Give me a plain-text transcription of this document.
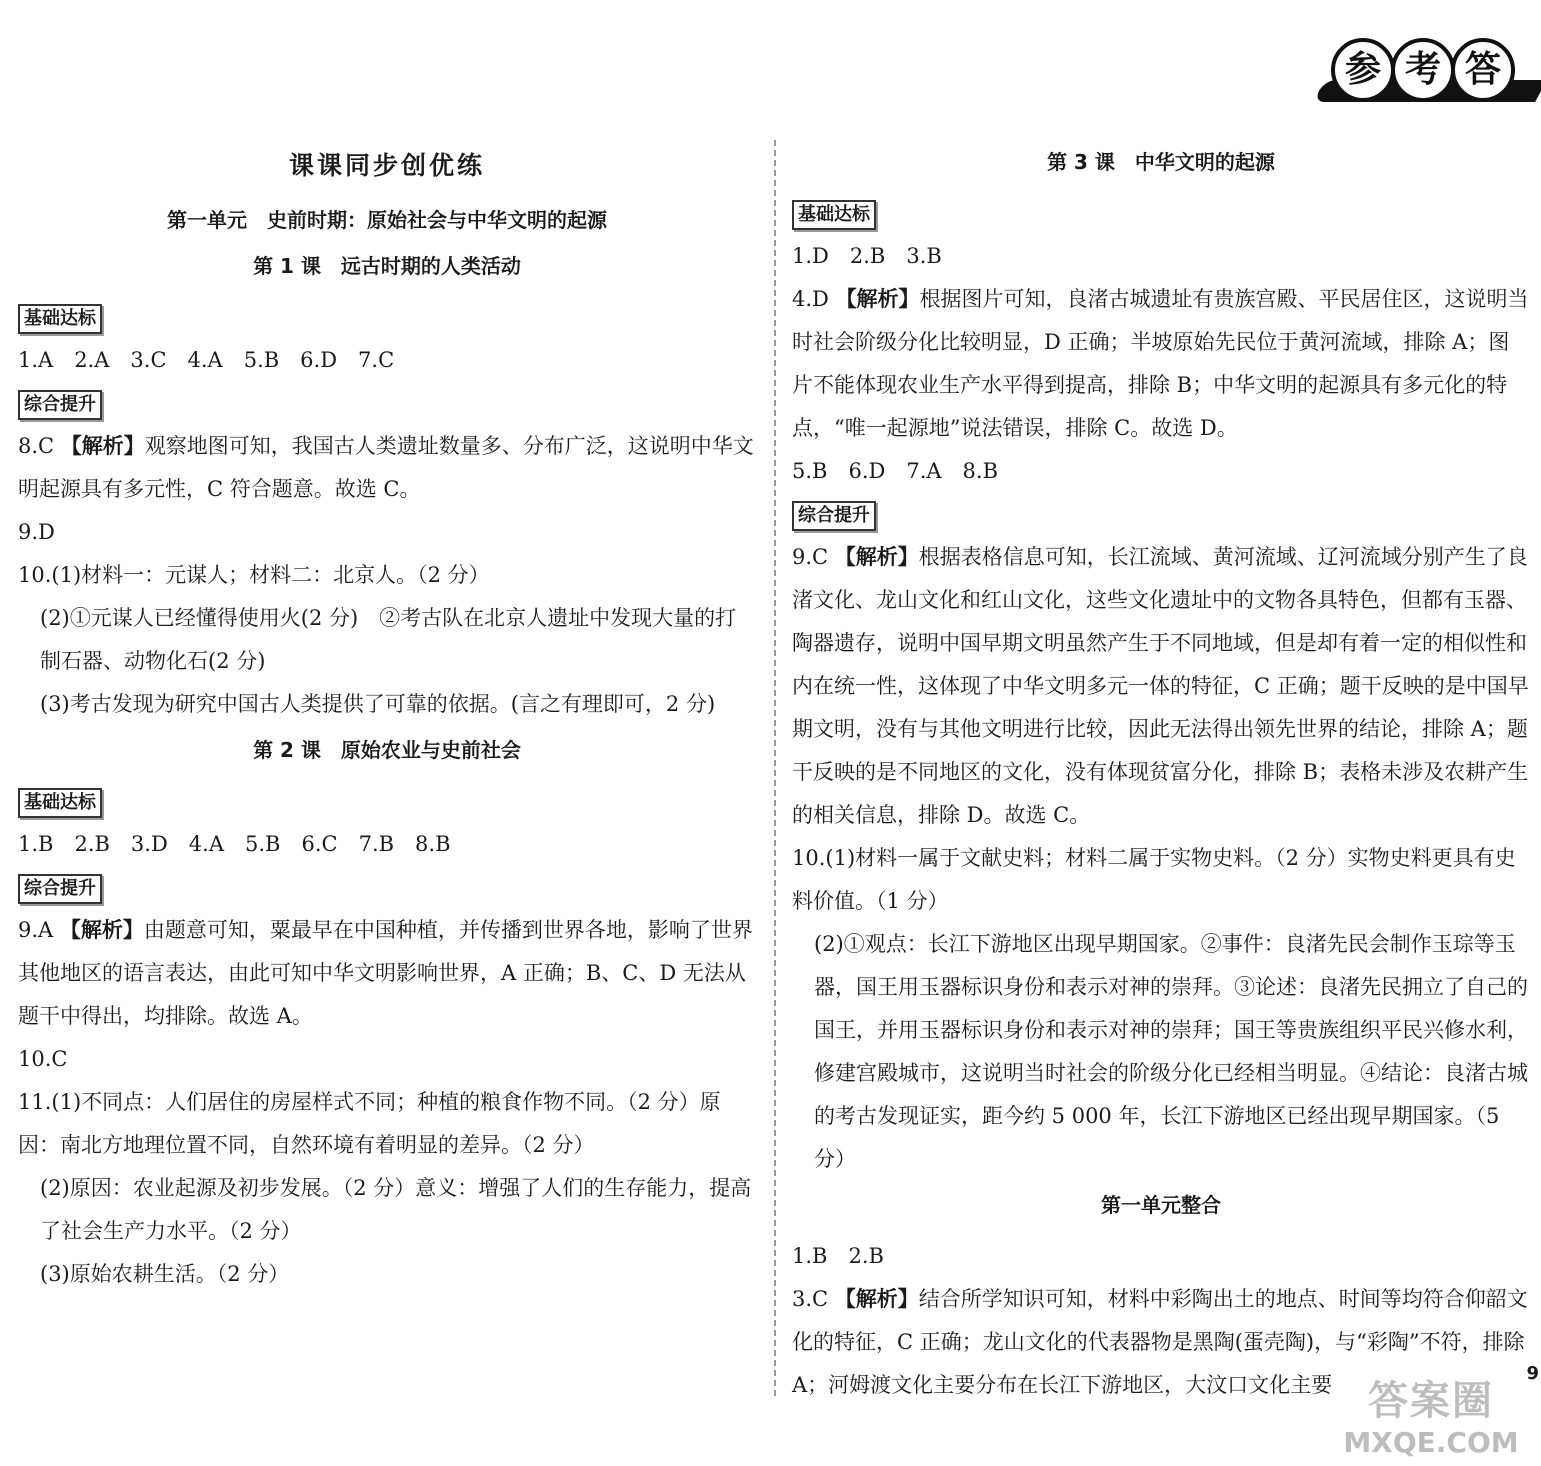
参 考 答
课课同步创优练
第一单元　史前时期：原始社会与中华文明的起源
第 1 课　远古时期的人类活动
基础达标
1.A　2.A　3.C　4.A　5.B　6.D　7.C
综合提升
8.C 【解析】观察地图可知，我国古人类遗址数量多、分布广泛，这说明中华文明起源具有多元性，C 符合题意。故选 C。
9.D
10.(1)材料一：元谋人；材料二：北京人。（2 分）
(2)①元谋人已经懂得使用火(2 分)　②考古队在北京人遗址中发现大量的打制石器、动物化石(2 分)
(3)考古发现为研究中国古人类提供了可靠的依据。(言之有理即可，2 分)
第 2 课　原始农业与史前社会
基础达标
1.B　2.B　3.D　4.A　5.B　6.C　7.B　8.B
综合提升
9.A 【解析】由题意可知，粟最早在中国种植，并传播到世界各地，影响了世界其他地区的语言表达，由此可知中华文明影响世界，A 正确；B、C、D 无法从题干中得出，均排除。故选 A。
10.C
11.(1)不同点：人们居住的房屋样式不同；种植的粮食作物不同。（2 分）原因：南北方地理位置不同，自然环境有着明显的差异。（2 分）
(2)原因：农业起源及初步发展。（2 分）意义：增强了人们的生存能力，提高了社会生产力水平。（2 分）
(3)原始农耕生活。（2 分）
第 3 课　中华文明的起源
基础达标
1.D　2.B　3.B
4.D 【解析】根据图片可知，良渚古城遗址有贵族宫殿、平民居住区，这说明当时社会阶级分化比较明显，D 正确；半坡原始先民位于黄河流域，排除 A；图片不能体现农业生产水平得到提高，排除 B；中华文明的起源具有多元化的特点，“唯一起源地”说法错误，排除 C。故选 D。
5.B　6.D　7.A　8.B
综合提升
9.C 【解析】根据表格信息可知，长江流域、黄河流域、辽河流域分别产生了良渚文化、龙山文化和红山文化，这些文化遗址中的文物各具特色，但都有玉器、陶器遗存，说明中国早期文明虽然产生于不同地域，但是却有着一定的相似性和内在统一性，这体现了中华文明多元一体的特征，C 正确；题干反映的是中国早期文明，没有与其他文明进行比较，因此无法得出领先世界的结论，排除 A；题干反映的是不同地区的文化，没有体现贫富分化，排除 B；表格未涉及农耕产生的相关信息，排除 D。故选 C。
10.(1)材料一属于文献史料；材料二属于实物史料。（2 分）实物史料更具有史料价值。（1 分）
(2)①观点：长江下游地区出现早期国家。②事件：良渚先民会制作玉琮等玉器，国王用玉器标识身份和表示对神的崇拜。③论述：良渚先民拥立了自己的国王，并用玉器标识身份和表示对神的崇拜；国王等贵族组织平民兴修水利，修建宫殿城市，这说明当时社会的阶级分化已经相当明显。④结论：良渚古城的考古发现证实，距今约 5 000 年，长江下游地区已经出现早期国家。（5 分）
第一单元整合
1.B　2.B
3.C 【解析】结合所学知识可知，材料中彩陶出土的地点、时间等均符合仰韶文化的特征，C 正确；龙山文化的代表器物是黑陶(蛋壳陶)，与“彩陶”不符，排除 A；河姆渡文化主要分布在长江下游地区，大汶口文化主要	9
答案圈
MXQE.COM
